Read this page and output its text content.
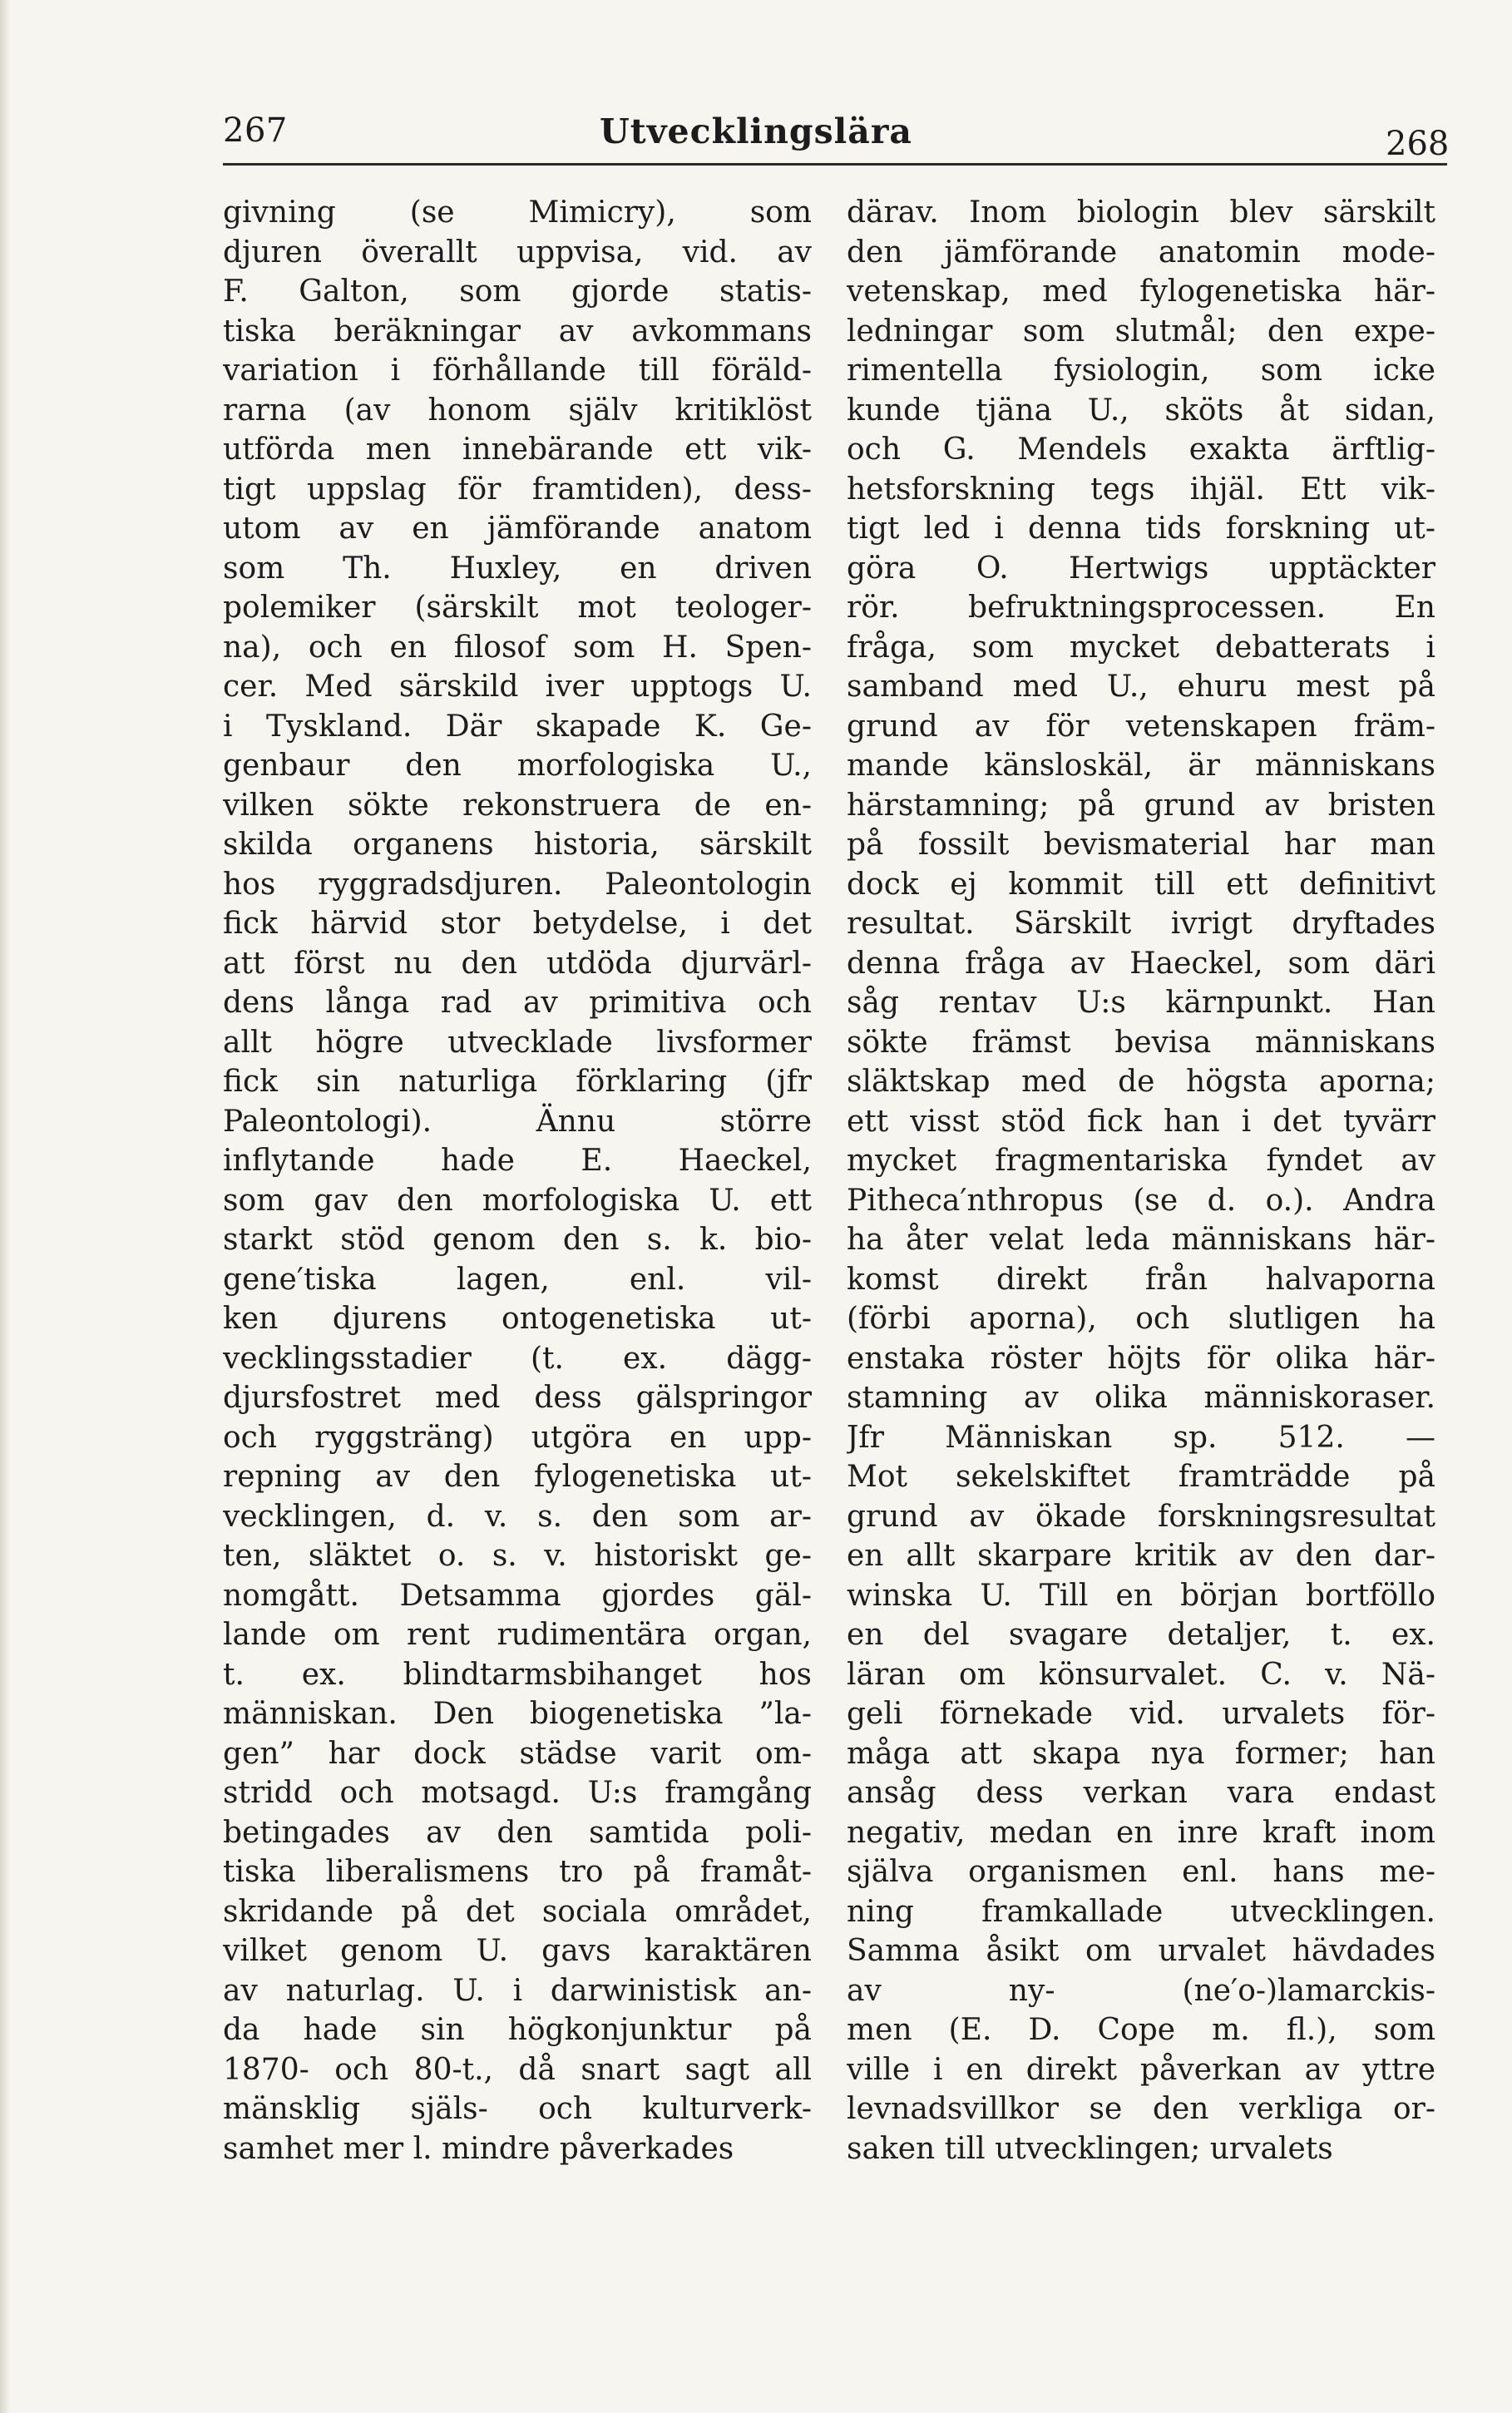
267	Utvecklingslära	268
givning (se Mimicry), som
djuren överallt uppvisa, vid. av
F. Galton, som gjorde statis-
tiska beräkningar av avkommans
variation i förhållande till föräld-
rarna (av honom själv kritiklöst
utförda men innebärande ett vik-
tigt uppslag för framtiden), dess-
utom av en jämförande anatom
som Th. Huxley, en driven
polemiker (särskilt mot teologer-
na), och en filosof som H. Spen-
cer. Med särskild iver upptogs U.
i Tyskland. Där skapade K. Ge-
genbaur den morfologiska U.,
vilken sökte rekonstruera de en-
skilda organens historia, särskilt
hos ryggradsdjuren. Paleontologin
fick härvid stor betydelse, i det
att först nu den utdöda djurvärl-
dens långa rad av primitiva och
allt högre utvecklade livsformer
fick sin naturliga förklaring (jfr
Paleontologi). Ännu större
inflytande hade E. Haeckel,
som gav den morfologiska U. ett
starkt stöd genom den s. k. bio-
gene′tiska lagen, enl. vil-
ken djurens ontogenetiska ut-
vecklingsstadier (t. ex. dägg-
djursfostret med dess gälspringor
och ryggsträng) utgöra en upp-
repning av den fylogenetiska ut-
vecklingen, d. v. s. den som ar-
ten, släktet o. s. v. historiskt ge-
nomgått. Detsamma gjordes gäl-
lande om rent rudimentära organ,
t. ex. blindtarmsbihanget hos
människan. Den biogenetiska ”la-
gen” har dock städse varit om-
stridd och motsagd. U:s framgång
betingades av den samtida poli-
tiska liberalismens tro på framåt-
skridande på det sociala området,
vilket genom U. gavs karaktären
av naturlag. U. i darwinistisk an-
da hade sin högkonjunktur på
1870- och 80-t., då snart sagt all
mänsklig själs- och kulturverk-
samhet mer l. mindre påverkades
därav. Inom biologin blev särskilt
den jämförande anatomin mode-
vetenskap, med fylogenetiska här-
ledningar som slutmål; den expe-
rimentella fysiologin, som icke
kunde tjäna U., sköts åt sidan,
och G. Mendels exakta ärftlig-
hetsforskning tegs ihjäl. Ett vik-
tigt led i denna tids forskning ut-
göra O. Hertwigs upptäckter
rör. befruktningsprocessen. En
fråga, som mycket debatterats i
samband med U., ehuru mest på
grund av för vetenskapen främ-
mande känsloskäl, är människans
härstamning; på grund av bristen
på fossilt bevismaterial har man
dock ej kommit till ett definitivt
resultat. Särskilt ivrigt dryftades
denna fråga av Haeckel, som däri
såg rentav U:s kärnpunkt. Han
sökte främst bevisa människans
släktskap med de högsta aporna;
ett visst stöd fick han i det tyvärr
mycket fragmentariska fyndet av
Pitheca′nthropus (se d. o.). Andra
ha åter velat leda människans här-
komst direkt från halvaporna
(förbi aporna), och slutligen ha
enstaka röster höjts för olika här-
stamning av olika människoraser.
Jfr Människan sp. 512. —
Mot sekelskiftet framträdde på
grund av ökade forskningsresultat
en allt skarpare kritik av den dar-
winska U. Till en början bortföllo
en del svagare detaljer, t. ex.
läran om könsurvalet. C. v. Nä-
geli förnekade vid. urvalets för-
måga att skapa nya former; han
ansåg dess verkan vara endast
negativ, medan en inre kraft inom
själva organismen enl. hans me-
ning framkallade utvecklingen.
Samma åsikt om urvalet hävdades
av ny- (ne′o-)lamarckis-
men (E. D. Cope m. fl.), som
ville i en direkt påverkan av yttre
levnadsvillkor se den verkliga or-
saken till utvecklingen; urvalets
